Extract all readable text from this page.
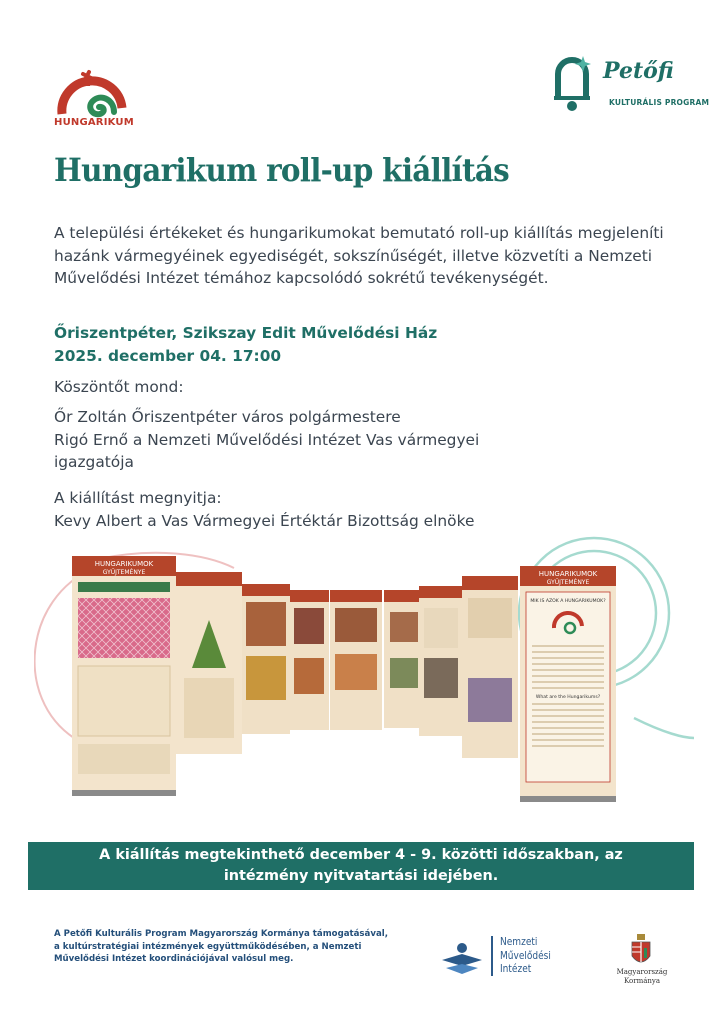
HUNGARIKUM
Petőfi
KULTURÁLIS PROGRAM
Hungarikum roll-up kiállítás
A települési értékeket és hungarikumokat bemutató roll-up kiállítás megjeleníti hazánk vármegyéinek egyediségét, sokszínűségét, illetve közvetíti a Nemzeti Művelődési Intézet témához kapcsolódó sokrétű tevékenységét.
Őriszentpéter, Szikszay Edit Művelődési Ház
2025. december 04. 17:00
Köszöntőt mond:
Őr Zoltán Őriszentpéter város polgármestere
Rigó Ernő a Nemzeti Művelődési Intézet Vas vármegyei
igazgatója
A kiállítást megnyitja:
Kevy Albert a Vas Vármegyei Értéktár Bizottság elnöke
HUNGARIKUMOK
GYŰJTEMÉNYE	HUNGARIKUMOK
GYŰJTEMÉNYE
MIK IS AZOK A HUNGARIKUMOK?
What are the Hungarikums?
A kiállítás megtekinthető december 4 - 9. közötti időszakban, az
intézmény nyitvatartási idejében.
A Petőfi Kulturális Program Magyarország Kormánya támogatásával,
a kultúrstratégiai intézmények együttműködésében, a Nemzeti
Művelődési Intézet koordinációjával valósul meg.
Nemzeti
Művelődési
Intézet	Magyarország
Kormánya
